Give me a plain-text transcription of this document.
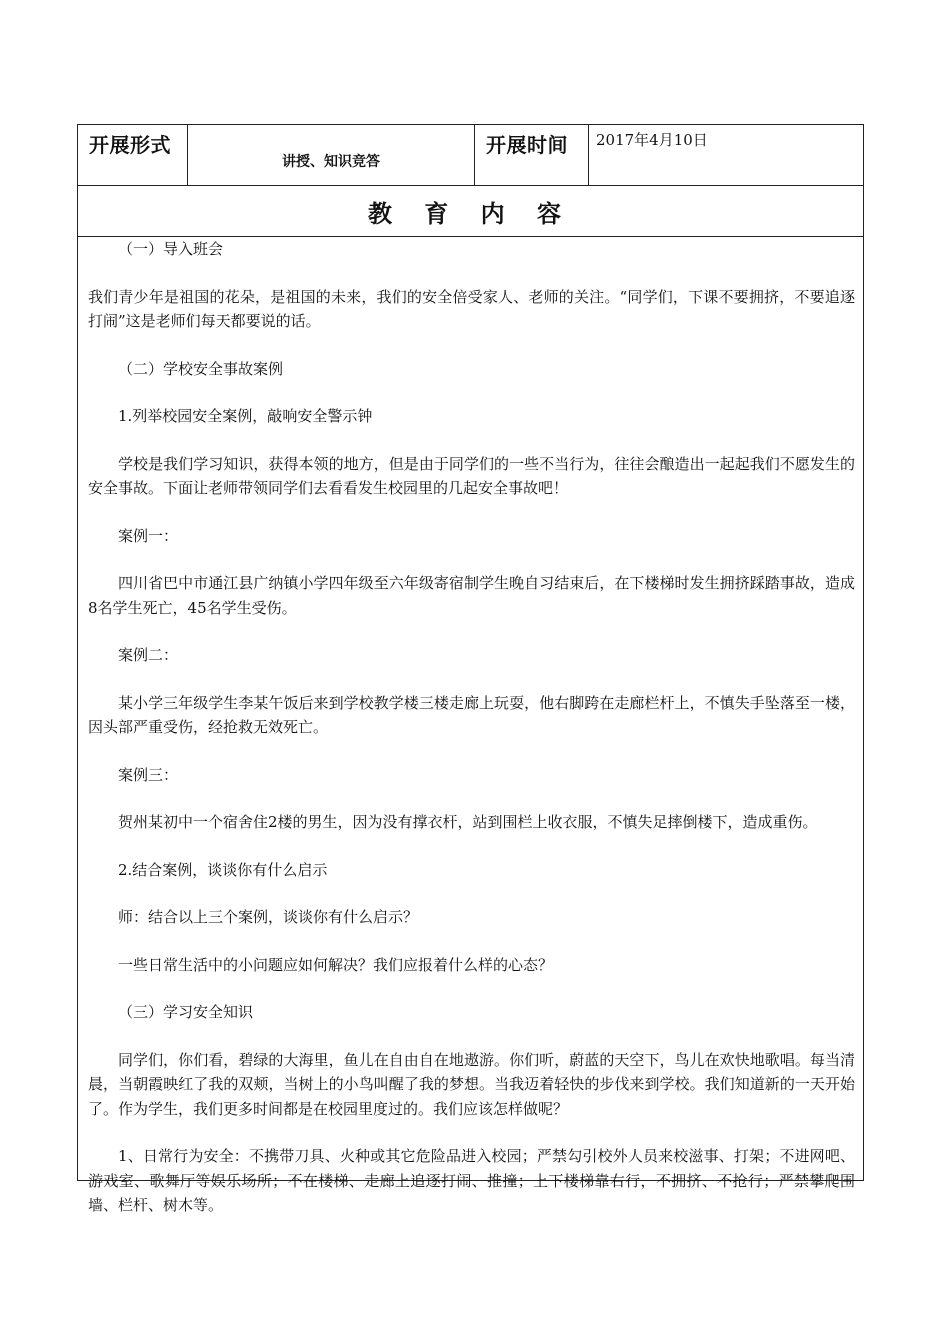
开展形式
讲授、知识竞答
开展时间 2017年4月10日
教 育 内 容

（一）导入班会

我们青少年是祖国的花朵，是祖国的未来，我们的安全倍受家人、老师的关注。“同学们，下课不要拥挤，不要追逐打闹”这是老师们每天都要说的话。

（二）学校安全事故案例

1.列举校园安全案例，敲响安全警示钟

学校是我们学习知识，获得本领的地方，但是由于同学们的一些不当行为，往往会酿造出一起起我们不愿发生的安全事故。下面让老师带领同学们去看看发生校园里的几起安全事故吧！

案例一：

四川省巴中市通江县广纳镇小学四年级至六年级寄宿制学生晚自习结束后，在下楼梯时发生拥挤踩踏事故，造成8名学生死亡，45名学生受伤。

案例二：

某小学三年级学生李某午饭后来到学校教学楼三楼走廊上玩耍，他右脚跨在走廊栏杆上，不慎失手坠落至一楼，因头部严重受伤，经抢救无效死亡。

案例三：

贺州某初中一个宿舍住2楼的男生，因为没有撑衣杆，站到围栏上收衣服，不慎失足摔倒楼下，造成重伤。

2.结合案例，谈谈你有什么启示

师：结合以上三个案例，谈谈你有什么启示？

一些日常生活中的小问题应如何解决？我们应报着什么样的心态？

（三）学习安全知识

同学们，你们看，碧绿的大海里，鱼儿在自由自在地遨游。你们听，蔚蓝的天空下，鸟儿在欢快地歌唱。每当清晨，当朝霞映红了我的双颊，当树上的小鸟叫醒了我的梦想。当我迈着轻快的步伐来到学校。我们知道新的一天开始了。作为学生，我们更多时间都是在校园里度过的。我们应该怎样做呢？

1、日常行为安全：不携带刀具、火种或其它危险品进入校园；严禁勾引校外人员来校滋事、打架；不进网吧、游戏室、歌舞厅等娱乐场所；不在楼梯、走廊上追逐打闹、推撞；上下楼梯靠右行，不拥挤、不抢行；严禁攀爬围墙、栏杆、树木等。
